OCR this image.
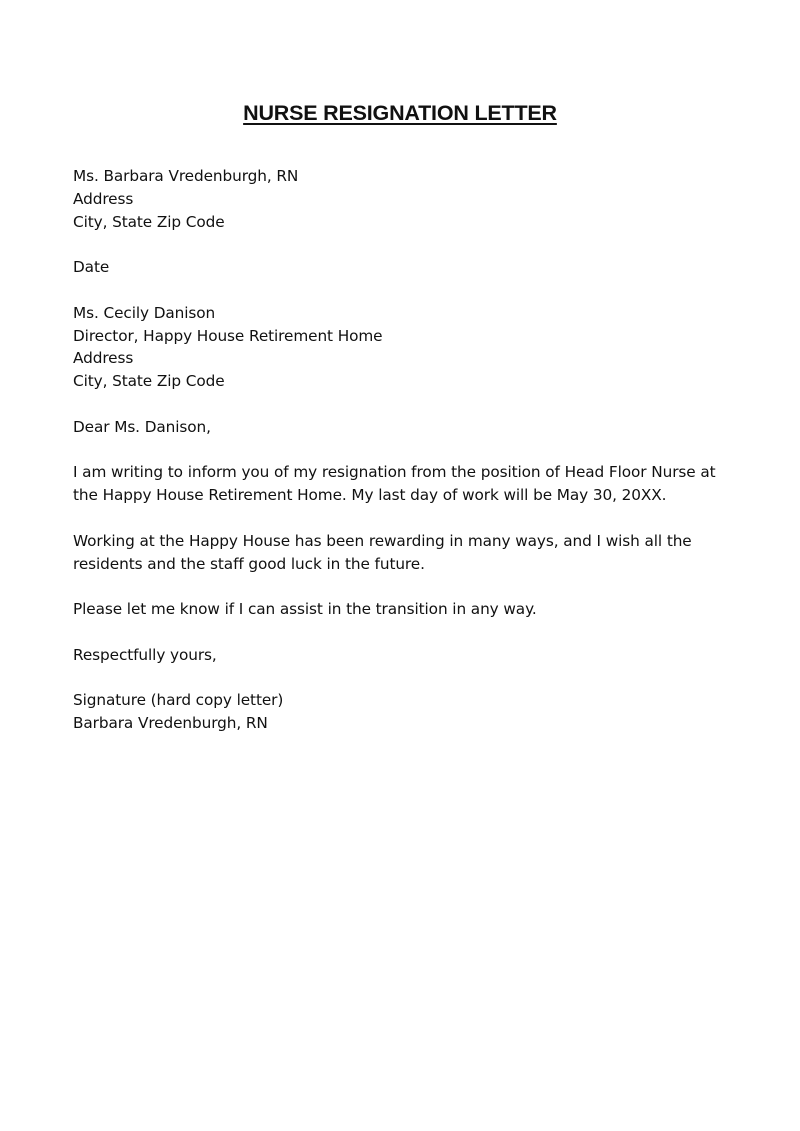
NURSE RESIGNATION LETTER
Ms. Barbara Vredenburgh, RN
Address
City, State Zip Code
Date
Ms. Cecily Danison
Director, Happy House Retirement Home
Address
City, State Zip Code
Dear Ms. Danison,
I am writing to inform you of my resignation from the position of Head Floor Nurse at
the Happy House Retirement Home. My last day of work will be May 30, 20XX.
Working at the Happy House has been rewarding in many ways, and I wish all the
residents and the staff good luck in the future.
Please let me know if I can assist in the transition in any way.
Respectfully yours,
Signature (hard copy letter)
Barbara Vredenburgh, RN
